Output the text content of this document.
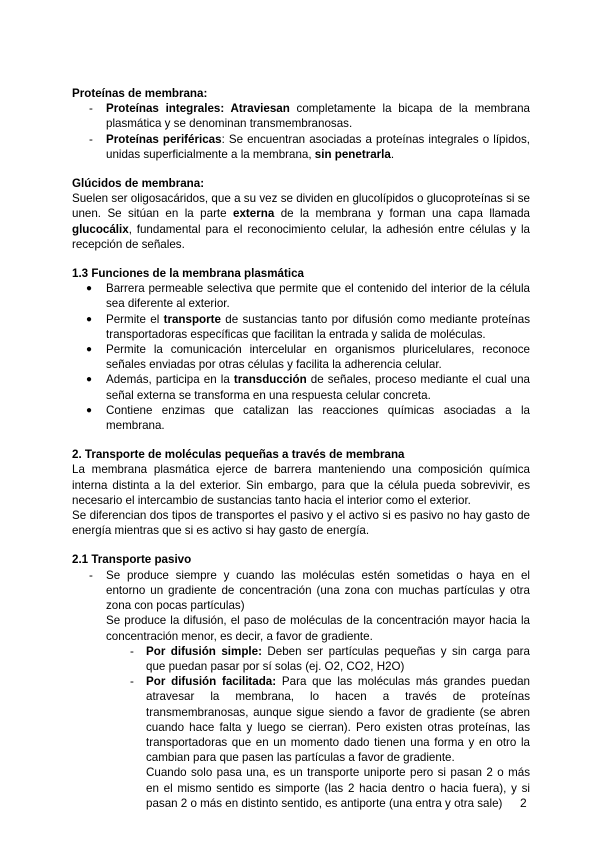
Proteínas de membrana:
- Proteínas integrales: Atraviesan completamente la bicapa de la membrana plasmática y se denominan transmembranosas.
- Proteínas periféricas: Se encuentran asociadas a proteínas integrales o lípidos, unidas superficialmente a la membrana, sin penetrarla.
Glúcidos de membrana:
Suelen ser oligosacáridos, que a su vez se dividen en glucolípidos o glucoproteínas si se unen. Se sitúan en la parte externa de la membrana y forman una capa llamada glucocálix, fundamental para el reconocimiento celular, la adhesión entre células y la recepción de señales.
1.3 Funciones de la membrana plasmática
● Barrera permeable selectiva que permite que el contenido del interior de la célula sea diferente al exterior.
● Permite el transporte de sustancias tanto por difusión como mediante proteínas transportadoras específicas que facilitan la entrada y salida de moléculas.
● Permite la comunicación intercelular en organismos pluricelulares, reconoce señales enviadas por otras células y facilita la adherencia celular.
● Además, participa en la transducción de señales, proceso mediante el cual una señal externa se transforma en una respuesta celular concreta.
● Contiene enzimas que catalizan las reacciones químicas asociadas a la membrana.
2. Transporte de moléculas pequeñas a través de membrana
La membrana plasmática ejerce de barrera manteniendo una composición química interna distinta a la del exterior. Sin embargo, para que la célula pueda sobrevivir, es necesario el intercambio de sustancias tanto hacia el interior como el exterior.
Se diferencian dos tipos de transportes el pasivo y el activo si es pasivo no hay gasto de energía mientras que si es activo si hay gasto de energía.
2.1 Transporte pasivo
- Se produce siempre y cuando las moléculas estén sometidas o haya en el entorno un gradiente de concentración (una zona con muchas partículas y otra zona con pocas partículas)
Se produce la difusión, el paso de moléculas de la concentración mayor hacia la concentración menor, es decir, a favor de gradiente.
- Por difusión simple: Deben ser partículas pequeñas y sin carga para que puedan pasar por sí solas (ej. O2, CO2, H2O)
- Por difusión facilitada: Para que las moléculas más grandes puedan atravesar la membrana, lo hacen a través de proteínas transmembranosas, aunque sigue siendo a favor de gradiente (se abren cuando hace falta y luego se cierran). Pero existen otras proteínas, las transportadoras que en un momento dado tienen una forma y en otro la cambian para que pasen las partículas a favor de gradiente.
Cuando solo pasa una, es un transporte uniporte pero si pasan 2 o más en el mismo sentido es simporte (las 2 hacia dentro o hacia fuera), y si pasan 2 o más en distinto sentido, es antiporte (una entra y otra sale)	2
